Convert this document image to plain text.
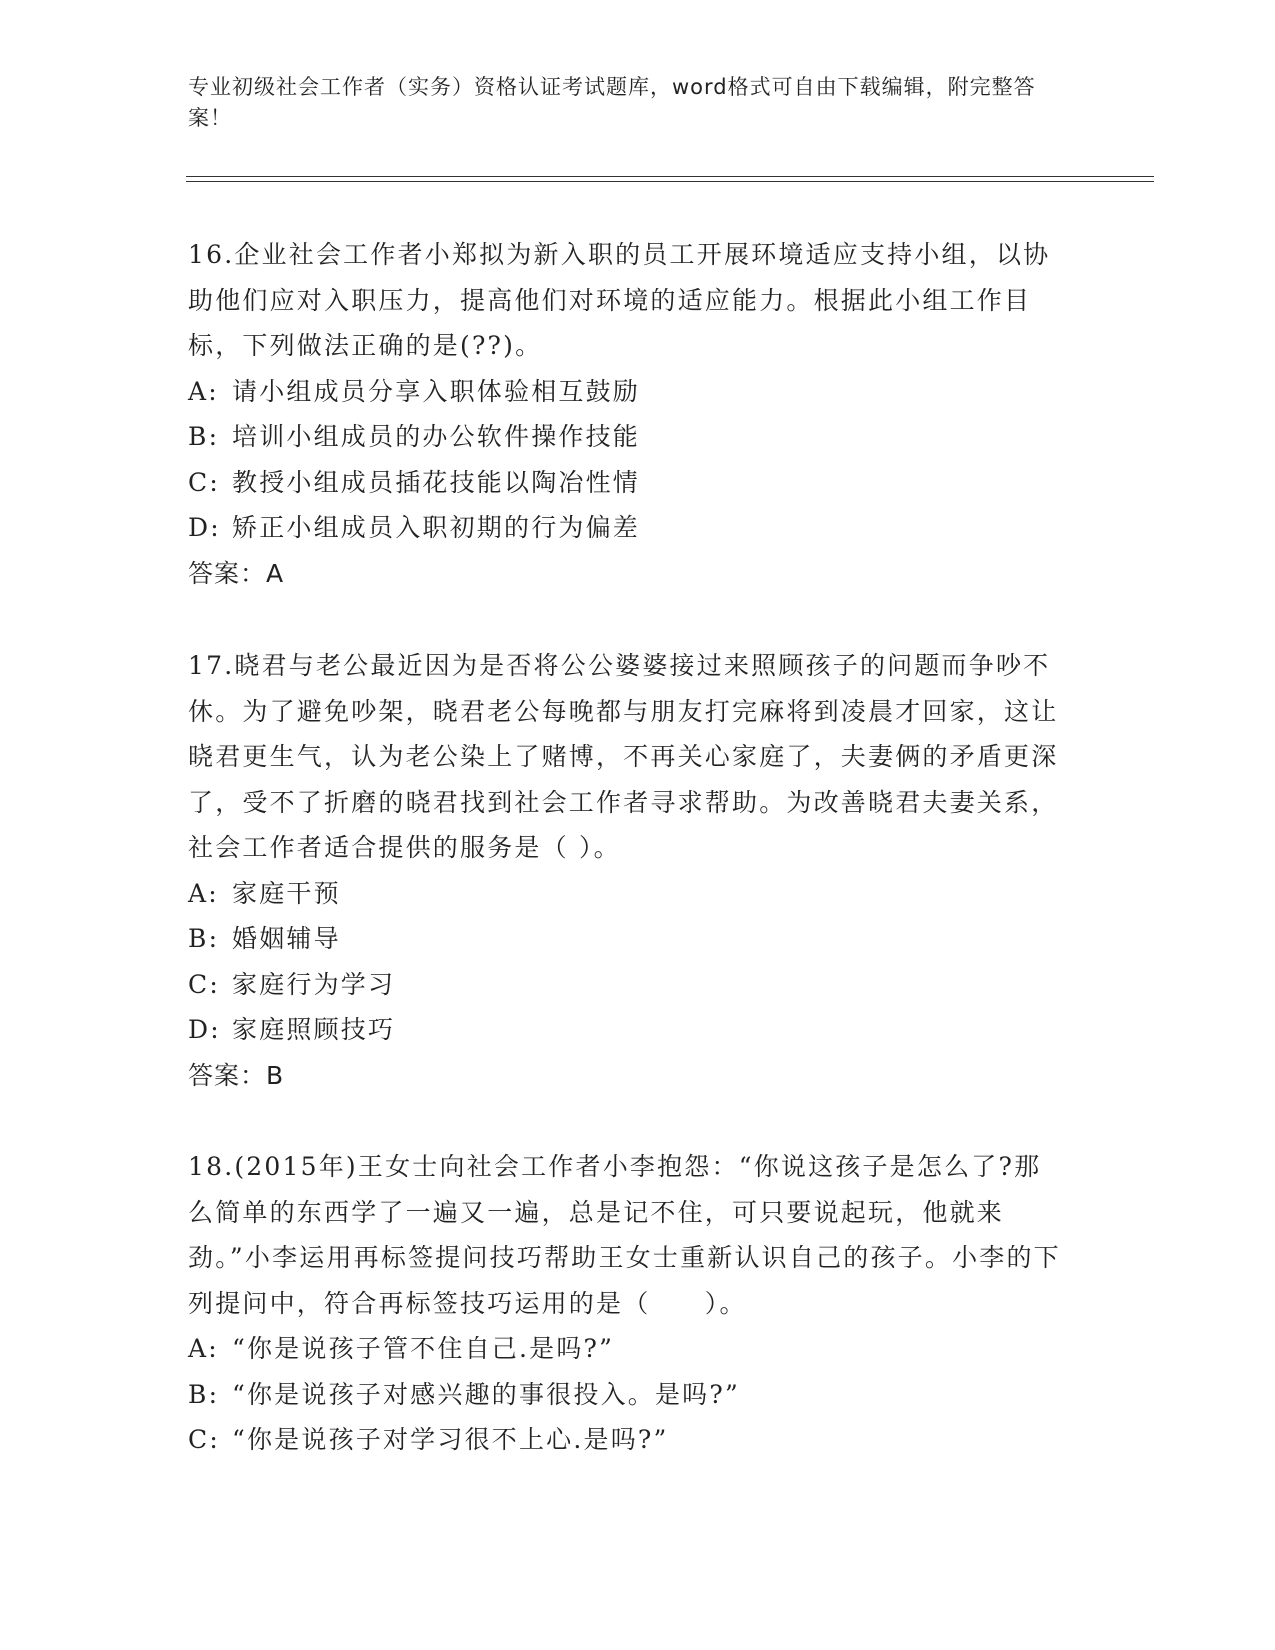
专业初级社会工作者（实务）资格认证考试题库，word格式可自由下载编辑，附完整答案！

16.企业社会工作者小郑拟为新入职的员工开展环境适应支持小组，以协助他们应对入职压力，提高他们对环境的适应能力。根据此小组工作目标，下列做法正确的是(??)。

A: 请小组成员分享入职体验相互鼓励
B: 培训小组成员的办公软件操作技能
C: 教授小组成员插花技能以陶冶性情
D: 矫正小组成员入职初期的行为偏差
答案：A

17.晓君与老公最近因为是否将公公婆婆接过来照顾孩子的问题而争吵不休。为了避免吵架，晓君老公每晚都与朋友打完麻将到凌晨才回家，这让晓君更生气，认为老公染上了赌博，不再关心家庭了，夫妻俩的矛盾更深了，受不了折磨的晓君找到社会工作者寻求帮助。为改善晓君夫妻关系，社会工作者适合提供的服务是（ ）。

A: 家庭干预
B: 婚姻辅导
C: 家庭行为学习
D: 家庭照顾技巧
答案：B

18.(2015年)王女士向社会工作者小李抱怨：“你说这孩子是怎么了?那么简单的东西学了一遍又一遍，总是记不住，可只要说起玩，他就来劲。”小李运用再标签提问技巧帮助王女士重新认识自己的孩子。小李的下列提问中，符合再标签技巧运用的是（　　）。

A: “你是说孩子管不住自己.是吗?”
B: “你是说孩子对感兴趣的事很投入。是吗?”
C: “你是说孩子对学习很不上心.是吗?”
